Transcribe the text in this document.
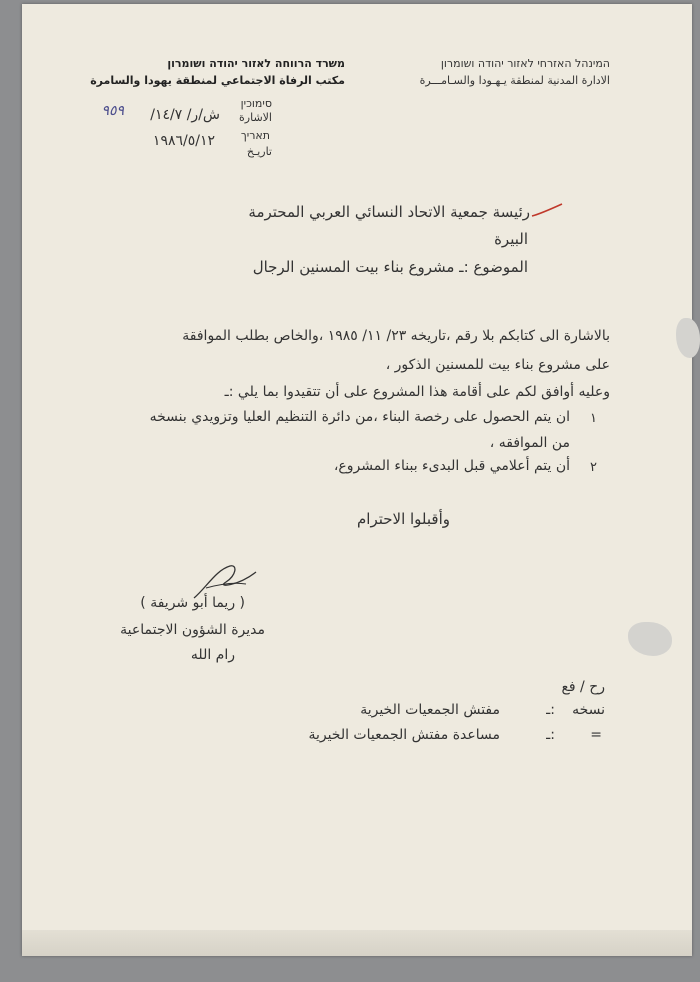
משרד הרווחה לאזור יהודה ושומרון
مكتب الرفاة الاجتماعي لمنطقة يهودا والسامرة
המינהל האזרחי לאזור יהודה ושומרון
الادارة المدنية لمنطقة يـهـودا والسـامـــرة
סימוכין
الاشارة
ش/ر/ ١٤/٧/
٩٥٩
תאריך
تاريـخ
١٩٨٦/٥/١٢
رئيسة جمعية الاتحاد النسائي العربي المحترمة
البيرة
الموضوع :ـ مشروع بناء بيت المسنين الرجال
بالاشارة الى كتابكم بلا رقم ،تاريخه ٢٣/ ١١/ ١٩٨٥ ،والخاص بطلب الموافقة
على مشروع بناء بيت للمسنين الذكور ،
وعليه أوافق لكم على أقامة هذا المشروع على أن تتقيدوا بما يلي :ـ
١
ان يتم الحصول على رخصة البناء ،من دائرة التنظيم العليا وتزويدي بنسخه
من الموافقه ،
٢
أن يتم أعلامي قبل البدىء ببناء المشروع،
وأقبلوا الاحترام
( ريما أبو شريفة )
مديرة الشؤون الاجتماعية
رام الله
رح / فع
نسخه
:ـ
مفتش الجمعيات الخيرية
=
:ـ
مساعدة مفتش الجمعيات الخيرية
